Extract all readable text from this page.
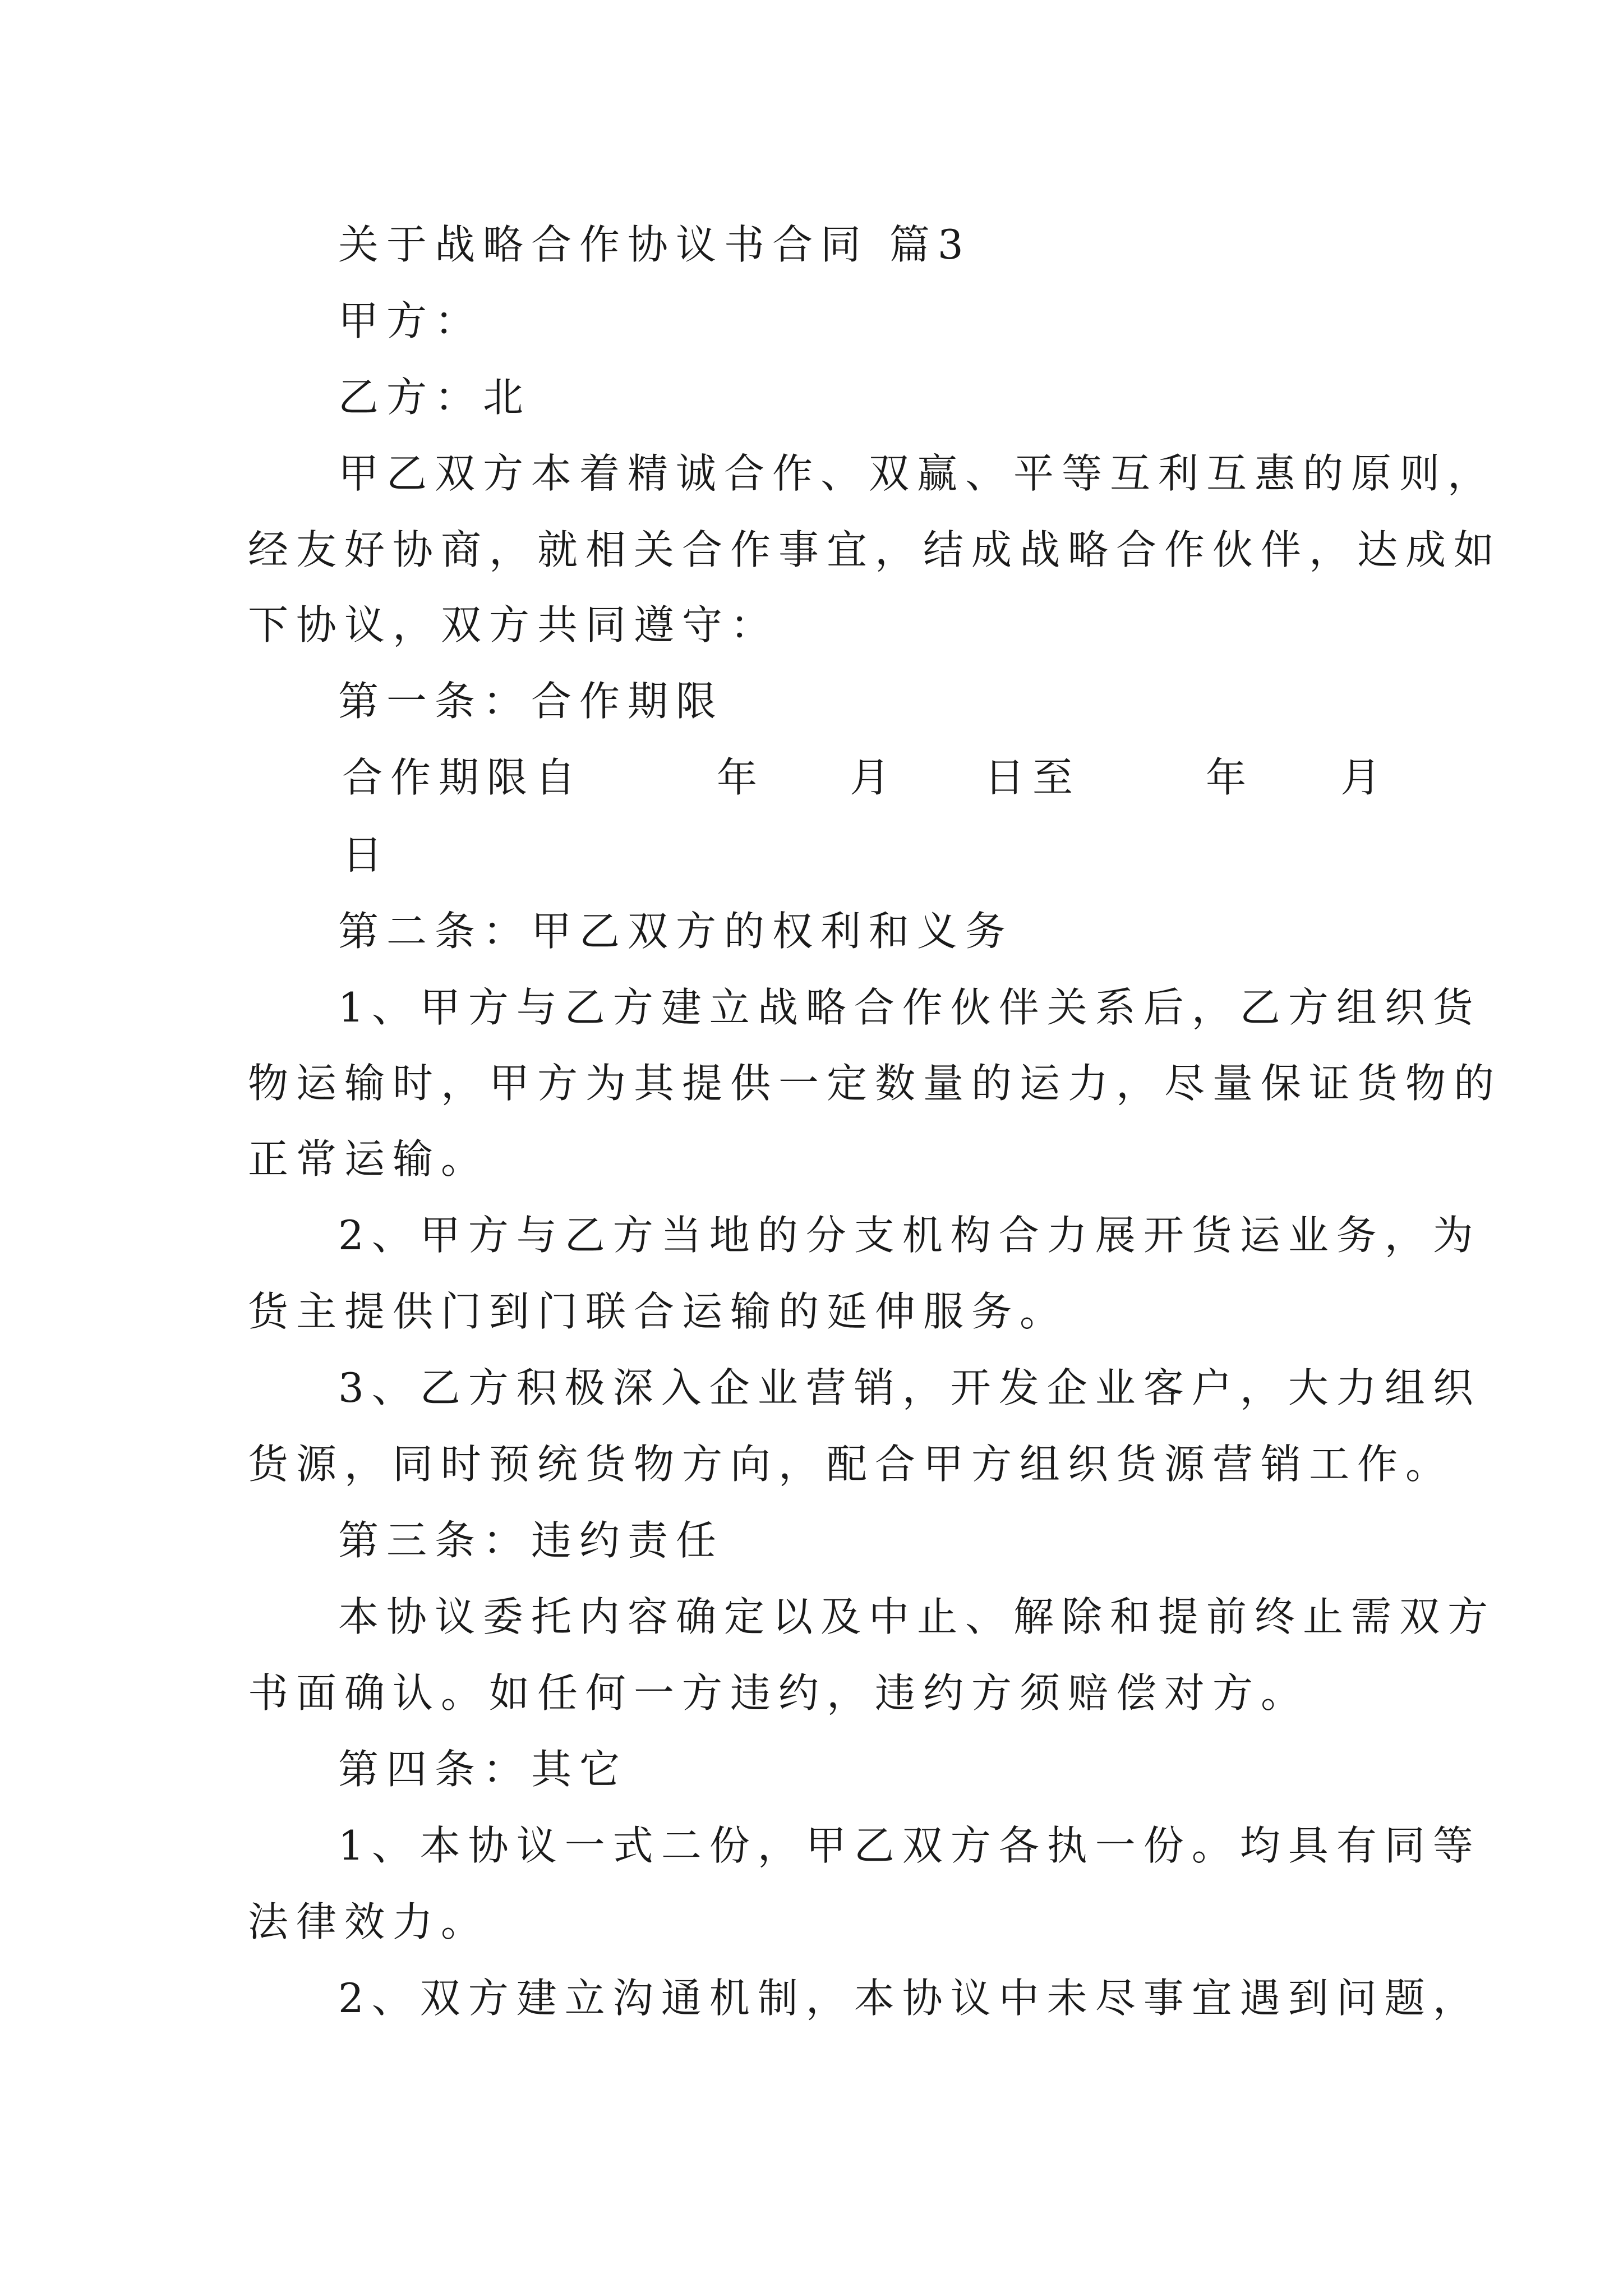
关于战略合作协议书合同 篇3
甲方：
乙方：北
甲乙双方本着精诚合作、双赢、平等互利互惠的原则，
经友好协商，就相关合作事宜，结成战略合作伙伴，达成如
下协议，双方共同遵守：
第一条：合作期限
合作期限自	年 月 日至	年 月
日
第二条：甲乙双方的权利和义务
1、甲方与乙方建立战略合作伙伴关系后，乙方组织货
物运输时，甲方为其提供一定数量的运力，尽量保证货物的
正常运输。
2、甲方与乙方当地的分支机构合力展开货运业务，为
货主提供门到门联合运输的延伸服务。
3、乙方积极深入企业营销，开发企业客户，大力组织
货源，同时预统货物方向，配合甲方组织货源营销工作。
第三条：违约责任
本协议委托内容确定以及中止、解除和提前终止需双方
书面确认。如任何一方违约，违约方须赔偿对方。
第四条：其它
1、本协议一式二份，甲乙双方各执一份。均具有同等
法律效力。
2、双方建立沟通机制，本协议中未尽事宜遇到问题，
